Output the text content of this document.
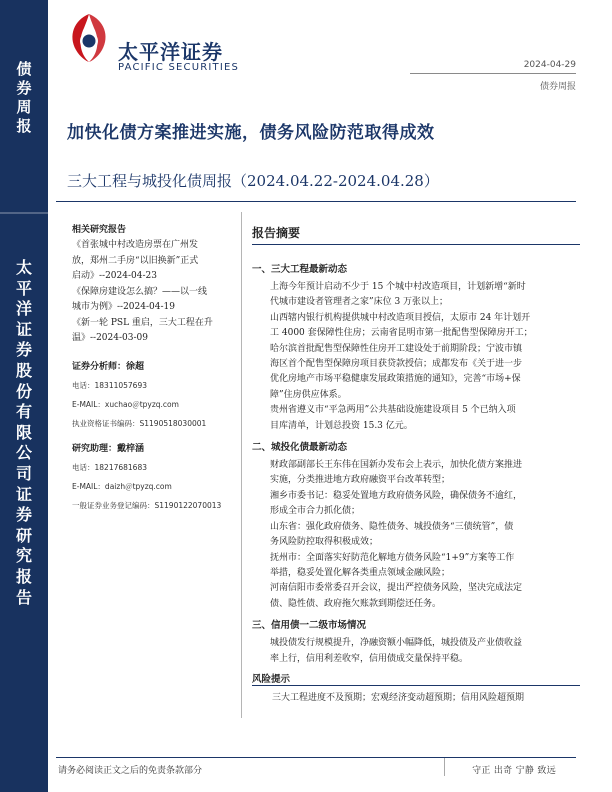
债
券
周
报
太
平
洋
证
券
股
份
有
限
公
司
证
券
研
究
报
告
太平洋证券
PACIFIC SECURITIES	2024-04-29
债券周报
加快化债方案推进实施，债务风险防范取得成效
三大工程与城投化债周报（2024.04.22-2024.04.28）
相关研究报告
《首张城中村改造房票在广州发
放，郑州二手房“以旧换新”正式
启动》--2024-04-23
《保障房建设怎么搞？——以一线
城市为例》--2024-04-19
《新一轮 PSL 重启，三大工程在升
温》--2024-03-09
证券分析师：徐超
电话：18311057693
E-MAIL：xuchao＠tpyzq.com
执业资格证书编码：S1190518030001
研究助理：戴梓涵
电话：18217681683
E-MAIL：daizh＠tpyzq.com
一般证券业务登记编码：S1190122070013
报告摘要
一、三大工程最新动态
上海今年预计启动不少于 15 个城中村改造项目，计划新增“新时
代城市建设者管理者之家”床位 3 万张以上；
山西辖内银行机构提供城中村改造项目授信，太原市 24 年计划开
工 4000 套保障性住房；云南省昆明市第一批配售型保障房开工；
哈尔滨首批配售型保障性住房开工建设处于前期阶段；宁波市镇
海区首个配售型保障房项目获贷款授信；成都发布《关于进一步
优化房地产市场平稳健康发展政策措施的通知》，完善“市场+保
障”住房供应体系。
贵州省遵义市“平急两用”公共基础设施建设项目 5 个已纳入项
目库清单，计划总投资 15.3 亿元。
二、城投化债最新动态
财政部副部长王东伟在国新办发布会上表示，加快化债方案推进
实施，分类推进地方政府融资平台改革转型；
湘乡市委书记：稳妥处置地方政府债务风险，确保债务不逾红，
形成全市合力抓化债；
山东省：强化政府债务、隐性债务、城投债务“三债统管”，债
务风险防控取得积极成效；
抚州市：全面落实好防范化解地方债务风险“1+9”方案等工作
举措，稳妥处置化解各类重点领域金融风险；
河南信阳市委常委召开会议，提出严控债务风险，坚决完成法定
债、隐性债、政府拖欠账款到期偿还任务。
三、信用债一二级市场情况
城投债发行规模提升，净融资额小幅降低，城投债及产业债收益
率上行，信用利差收窄，信用债成交量保持平稳。
风险提示
三大工程进度不及预期；宏观经济变动超预期；信用风险超预期
请务必阅读正文之后的免责条款部分	守正 出奇 宁静 致远
